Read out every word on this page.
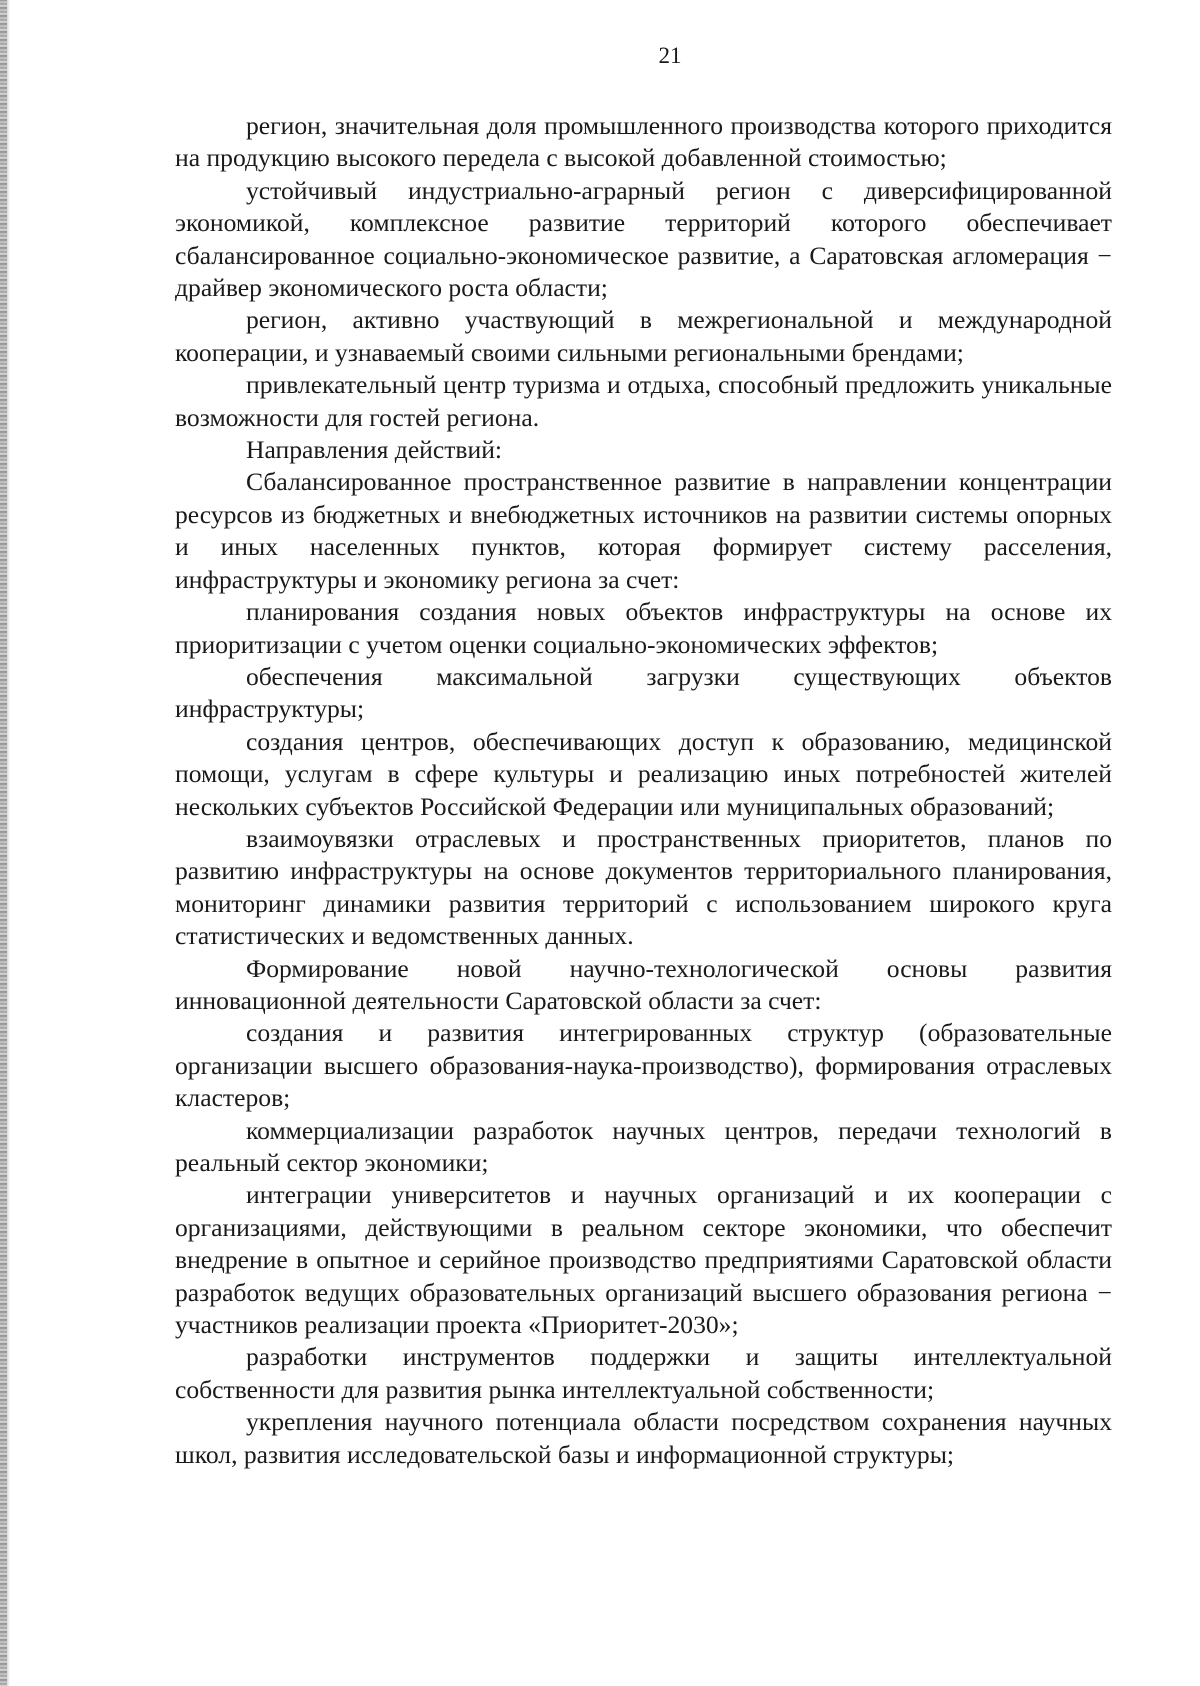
21

регион, значительная доля промышленного производства которого приходится на продукцию высокого передела с высокой добавленной стоимостью;

устойчивый индустриально-аграрный регион с диверсифицированной экономикой, комплексное развитие территорий которого обеспечивает сбалансированное социально-экономическое развитие, а Саратовская агломерация − драйвер экономического роста области;

регион, активно участвующий в межрегиональной и международной кооперации, и узнаваемый своими сильными региональными брендами;

привлекательный центр туризма и отдыха, способный предложить уникальные возможности для гостей региона.

Направления действий:

Сбалансированное пространственное развитие в направлении концентрации ресурсов из бюджетных и внебюджетных источников на развитии системы опорных и иных населенных пунктов, которая формирует систему расселения, инфраструктуры и экономику региона за счет:

планирования создания новых объектов инфраструктуры на основе их приоритизации с учетом оценки социально-экономических эффектов;

обеспечения максимальной загрузки существующих объектов инфраструктуры;

создания центров, обеспечивающих доступ к образованию, медицинской помощи, услугам в сфере культуры и реализацию иных потребностей жителей нескольких субъектов Российской Федерации или муниципальных образований;

взаимоувязки отраслевых и пространственных приоритетов, планов по развитию инфраструктуры на основе документов территориального планирования, мониторинг динамики развития территорий с использованием широкого круга статистических и ведомственных данных.

Формирование новой научно-технологической основы развития инновационной деятельности Саратовской области за счет:

создания и развития интегрированных структур (образовательные организации высшего образования-наука-производство), формирования отраслевых кластеров;

коммерциализации разработок научных центров, передачи технологий в реальный сектор экономики;

интеграции университетов и научных организаций и их кооперации с организациями, действующими в реальном секторе экономики, что обеспечит внедрение в опытное и серийное производство предприятиями Саратовской области разработок ведущих образовательных организаций высшего образования региона − участников реализации проекта «Приоритет-2030»;

разработки инструментов поддержки и защиты интеллектуальной собственности для развития рынка интеллектуальной собственности;

укрепления научного потенциала области посредством сохранения научных школ, развития исследовательской базы и информационной структуры;
